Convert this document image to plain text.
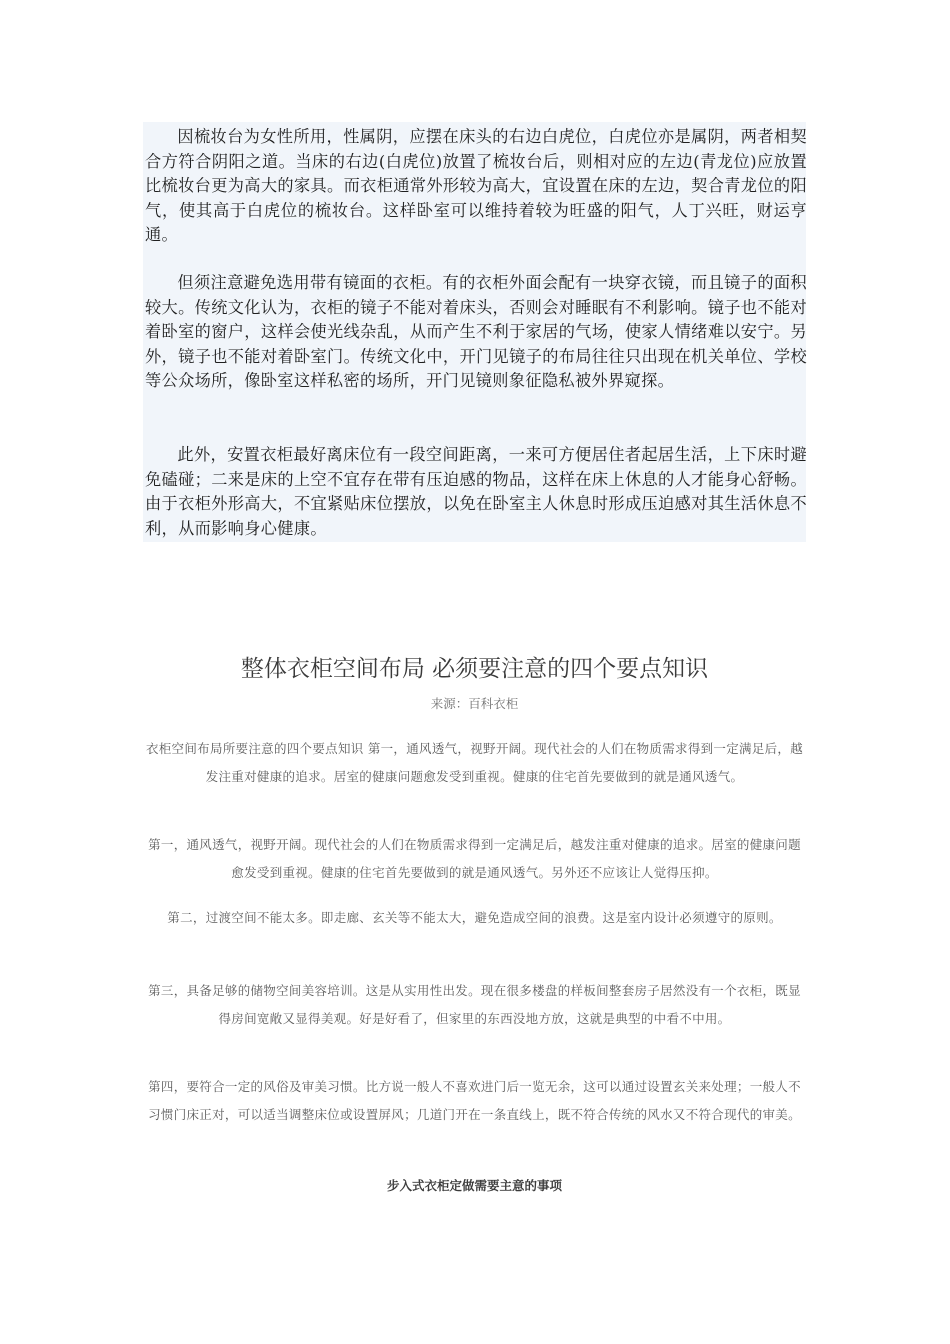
因梳妆台为女性所用，性属阴，应摆在床头的右边白虎位，白虎位亦是属阴，两者相契合方符合阴阳之道。当床的右边(白虎位)放置了梳妆台后，则相对应的左边(青龙位)应放置比梳妆台更为高大的家具。而衣柜通常外形较为高大，宜设置在床的左边，契合青龙位的阳气，使其高于白虎位的梳妆台。这样卧室可以维持着较为旺盛的阳气，人丁兴旺，财运亨通。

但须注意避免选用带有镜面的衣柜。有的衣柜外面会配有一块穿衣镜，而且镜子的面积较大。传统文化认为，衣柜的镜子不能对着床头，否则会对睡眠有不利影响。镜子也不能对着卧室的窗户，这样会使光线杂乱，从而产生不利于家居的气场，使家人情绪难以安宁。另外，镜子也不能对着卧室门。传统文化中，开门见镜子的布局往往只出现在机关单位、学校等公众场所，像卧室这样私密的场所，开门见镜则象征隐私被外界窥探。

此外，安置衣柜最好离床位有一段空间距离，一来可方便居住者起居生活，上下床时避免磕碰；二来是床的上空不宜存在带有压迫感的物品，这样在床上休息的人才能身心舒畅。由于衣柜外形高大，不宜紧贴床位摆放，以免在卧室主人休息时形成压迫感对其生活休息不利，从而影响身心健康。

整体衣柜空间布局 必须要注意的四个要点知识
来源：百科衣柜

衣柜空间布局所要注意的四个要点知识 第一，通风透气，视野开阔。现代社会的人们在物质需求得到一定满足后，越发注重对健康的追求。居室的健康问题愈发受到重视。健康的住宅首先要做到的就是通风透气。

第一，通风透气，视野开阔。现代社会的人们在物质需求得到一定满足后，越发注重对健康的追求。居室的健康问题愈发受到重视。健康的住宅首先要做到的就是通风透气。另外还不应该让人觉得压抑。

第二，过渡空间不能太多。即走廊、玄关等不能太大，避免造成空间的浪费。这是室内设计必须遵守的原则。

第三，具备足够的储物空间美容培训。这是从实用性出发。现在很多楼盘的样板间整套房子居然没有一个衣柜，既显得房间宽敞又显得美观。好是好看了，但家里的东西没地方放，这就是典型的中看不中用。

第四，要符合一定的风俗及审美习惯。比方说一般人不喜欢进门后一览无余，这可以通过设置玄关来处理；一般人不习惯门床正对，可以适当调整床位或设置屏风；几道门开在一条直线上，既不符合传统的风水又不符合现代的审美。

步入式衣柜定做需要主意的事项
